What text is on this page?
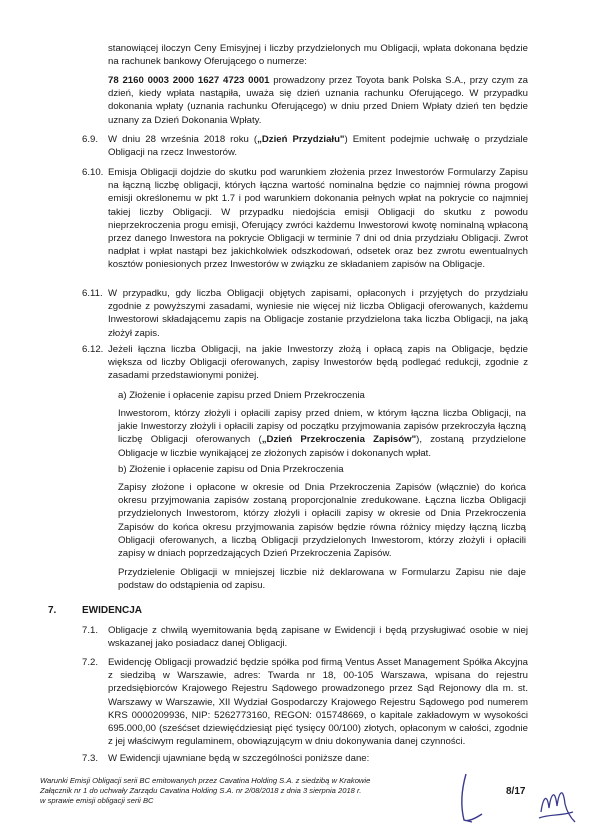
stanowiącej iloczyn Ceny Emisyjnej i liczby przydzielonych mu Obligacji, wpłata dokonana będzie na rachunek bankowy Oferującego o numerze:

78 2160 0003 2000 1627 4723 0001 prowadzony przez Toyota bank Polska S.A., przy czym za dzień, kiedy wpłata nastąpiła, uważa się dzień uznania rachunku Oferującego. W przypadku dokonania wpłaty (uznania rachunku Oferującego) w dniu przed Dniem Wpłaty dzień ten będzie uznany za Dzień Dokonania Wpłaty.

6.9. W dniu 28 września 2018 roku („Dzień Przydziału") Emitent podejmie uchwałę o przydziale Obligacji na rzecz Inwestorów.

6.10. Emisja Obligacji dojdzie do skutku pod warunkiem złożenia przez Inwestorów Formularzy Zapisu na łączną liczbę obligacji, których łączna wartość nominalna będzie co najmniej równa progowi emisji określonemu w pkt 1.7 i pod warunkiem dokonania pełnych wpłat na pokrycie co najmniej takiej liczby Obligacji. W przypadku niedojścia emisji Obligacji do skutku z powodu nieprzekroczenia progu emisji, Oferujący zwróci każdemu Inwestorowi kwotę nominalną wpłaconą przez danego Inwestora na pokrycie Obligacji w terminie 7 dni od dnia przydziału Obligacji. Zwrot nadpłat i wpłat nastąpi bez jakichkolwiek odszkodowań, odsetek oraz bez zwrotu ewentualnych kosztów poniesionych przez Inwestorów w związku ze składaniem zapisów na Obligacje.

6.11. W przypadku, gdy liczba Obligacji objętych zapisami, opłaconych i przyjętych do przydziału zgodnie z powyższymi zasadami, wyniesie nie więcej niż liczba Obligacji oferowanych, każdemu Inwestorowi składającemu zapis na Obligacje zostanie przydzielona taka liczba Obligacji, na jaką złożył zapis.

6.12. Jeżeli łączna liczba Obligacji, na jakie Inwestorzy złożą i opłacą zapis na Obligacje, będzie większa od liczby Obligacji oferowanych, zapisy Inwestorów będą podlegać redukcji, zgodnie z zasadami przedstawionymi poniżej.

a) Złożenie i opłacenie zapisu przed Dniem Przekroczenia

Inwestorom, którzy złożyli i opłacili zapisy przed dniem, w którym łączna liczba Obligacji, na jakie Inwestorzy złożyli i opłacili zapisy od początku przyjmowania zapisów przekroczyła łączną liczbę Obligacji oferowanych („Dzień Przekroczenia Zapisów"), zostaną przydzielone Obligacje w liczbie wynikającej ze złożonych zapisów i dokonanych wpłat.

b) Złożenie i opłacenie zapisu od Dnia Przekroczenia

Zapisy złożone i opłacone w okresie od Dnia Przekroczenia Zapisów (włącznie) do końca okresu przyjmowania zapisów zostaną proporcjonalnie zredukowane. Łączna liczba Obligacji przydzielonych Inwestorom, którzy złożyli i opłacili zapisy w okresie od Dnia Przekroczenia Zapisów do końca okresu przyjmowania zapisów będzie równa różnicy między łączną liczbą Obligacji oferowanych, a liczbą Obligacji przydzielonych Inwestorom, którzy złożyli i opłacili zapisy w dniach poprzedzających Dzień Przekroczenia Zapisów.

Przydzielenie Obligacji w mniejszej liczbie niż deklarowana w Formularzu Zapisu nie daje podstaw do odstąpienia od zapisu.

7.	EWIDENCJA
7.1. Obligacje z chwilą wyemitowania będą zapisane w Ewidencji i będą przysługiwać osobie w niej wskazanej jako posiadacz danej Obligacji.

7.2. Ewidencję Obligacji prowadzić będzie spółka pod firmą Ventus Asset Management Spółka Akcyjna z siedzibą w Warszawie, adres: Twarda nr 18, 00-105 Warszawa, wpisana do rejestru przedsiębiorców Krajowego Rejestru Sądowego prowadzonego przez Sąd Rejonowy dla m. st. Warszawy w Warszawie, XII Wydział Gospodarczy Krajowego Rejestru Sądowego pod numerem KRS 0000209936, NIP: 5262773160, REGON: 015748669, o kapitale zakładowym w wysokości 695.000,00 (sześćset dziewięćdziesiąt pięć tysięcy 00/100) złotych, opłaconym w całości, zgodnie z jej właściwym regulaminem, obowiązującym w dniu dokonywania danej czynności.

7.3. W Ewidencji ujawniane będą w szczególności poniższe dane:

Warunki Emisji Obligacji serii BC emitowanych przez Cavatina Holding S.A. z siedzibą w Krakowie
Załącznik nr 1 do uchwały Zarządu Cavatina Holding S.A. nr 2/08/2018 z dnia 3 sierpnia 2018 r.
w sprawie emisji obligacji serii BC
8/17
